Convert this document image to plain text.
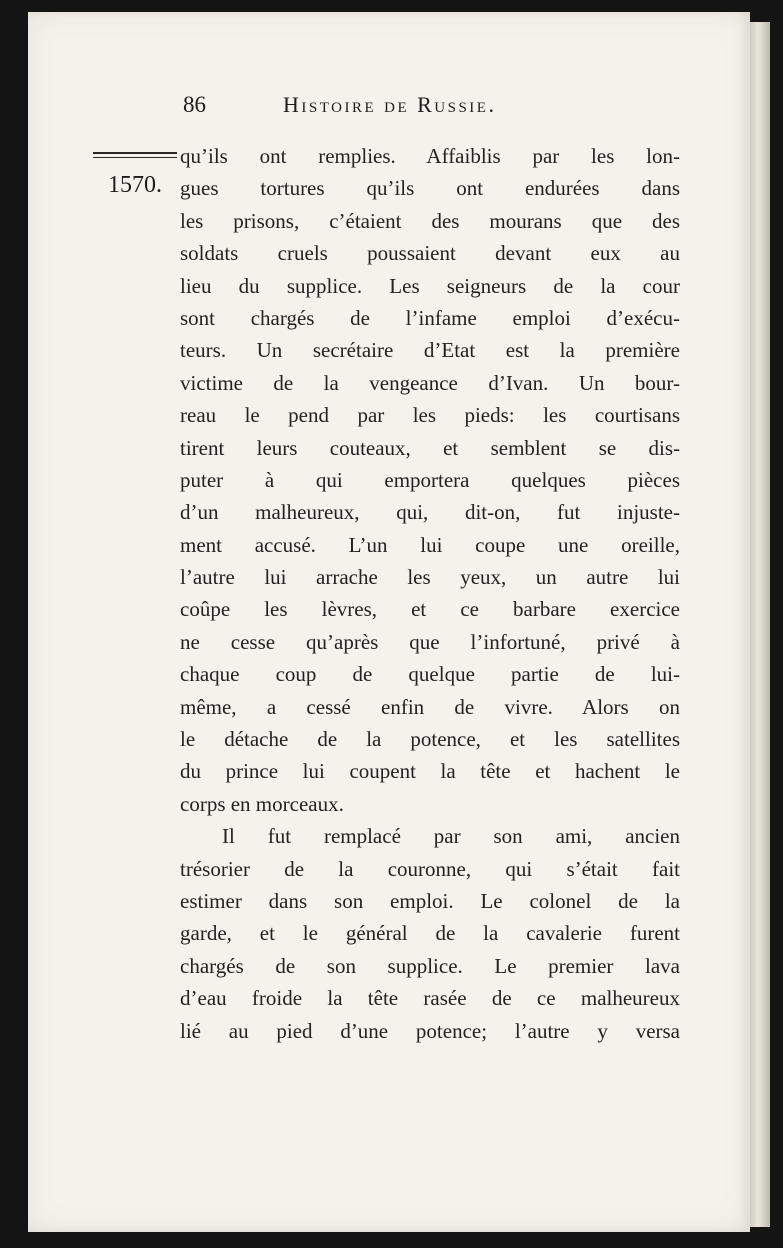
86	Histoire de Russie.
1570.
qu’ils ont remplies. Affaiblis par les lon-
gues tortures qu’ils ont endurées dans
les prisons, c’étaient des mourans que des
soldats cruels poussaient devant eux au
lieu du supplice. Les seigneurs de la cour
sont chargés de l’infame emploi d’exécu-
teurs. Un secrétaire d’Etat est la première
victime de la vengeance d’Ivan. Un bour-
reau le pend par les pieds: les courtisans
tirent leurs couteaux, et semblent se dis-
puter à qui emportera quelques pièces
d’un malheureux, qui, dit-on, fut injuste-
ment accusé. L’un lui coupe une oreille,
l’autre lui arrache les yeux, un autre lui
coûpe les lèvres, et ce barbare exercice
ne cesse qu’après que l’infortuné, privé à
chaque coup de quelque partie de lui-
même, a cessé enfin de vivre. Alors on
le détache de la potence, et les satellites
du prince lui coupent la tête et hachent le
corps en morceaux.
Il fut remplacé par son ami, ancien
trésorier de la couronne, qui s’était fait
estimer dans son emploi. Le colonel de la
garde, et le général de la cavalerie furent
chargés de son supplice. Le premier lava
d’eau froide la tête rasée de ce malheureux
lié au pied d’une potence; l’autre y versa
